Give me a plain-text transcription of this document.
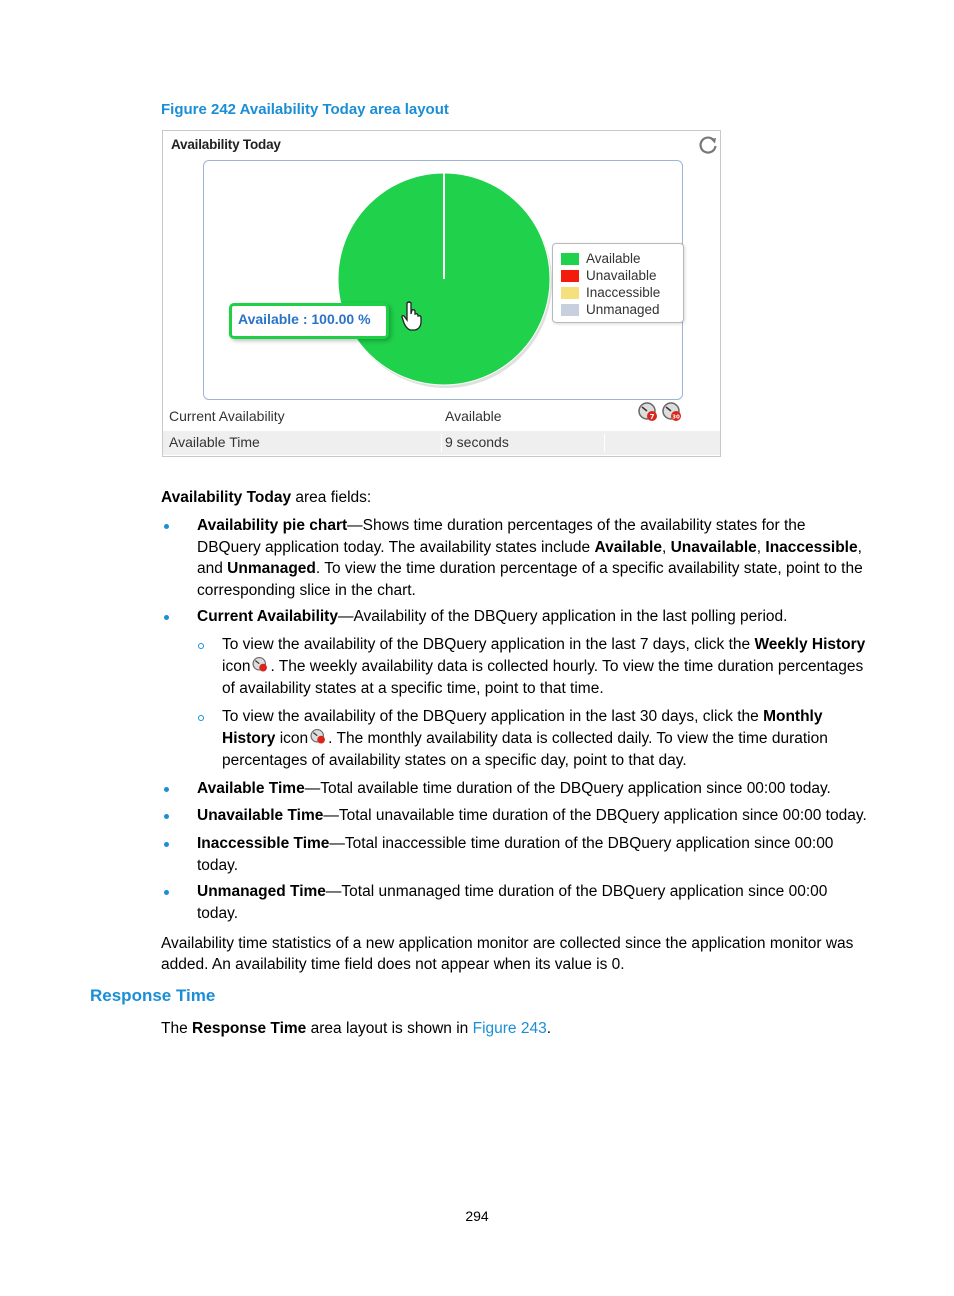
Figure 242 Availability Today area layout
Availability Today
Available
Unavailable
Inaccessible
Unmanaged
Available : 100.00 %
Current Availability	Available	7	30
Available Time	9 seconds
Availability Today area fields:
Availability pie chart—Shows time duration percentages of the availability states for the DBQuery application today. The availability states include Available, Unavailable, Inaccessible, and Unmanaged. To view the time duration percentage of a specific availability state, point to the corresponding slice in the chart.
Current Availability—Availability of the DBQuery application in the last polling period.
To view the availability of the DBQuery application in the last 7 days, click the Weekly History icon . The weekly availability data is collected hourly. To view the time duration percentages of availability states at a specific time, point to that time.
To view the availability of the DBQuery application in the last 30 days, click the Monthly History icon . The monthly availability data is collected daily. To view the time duration percentages of availability states on a specific day, point to that day.
Available Time—Total available time duration of the DBQuery application since 00:00 today.
Unavailable Time—Total unavailable time duration of the DBQuery application since 00:00 today.
Inaccessible Time—Total inaccessible time duration of the DBQuery application since 00:00 today.
Unmanaged Time—Total unmanaged time duration of the DBQuery application since 00:00 today.
Availability time statistics of a new application monitor are collected since the application monitor was added. An availability time field does not appear when its value is 0.
Response Time
The Response Time area layout is shown in Figure 243.
294
